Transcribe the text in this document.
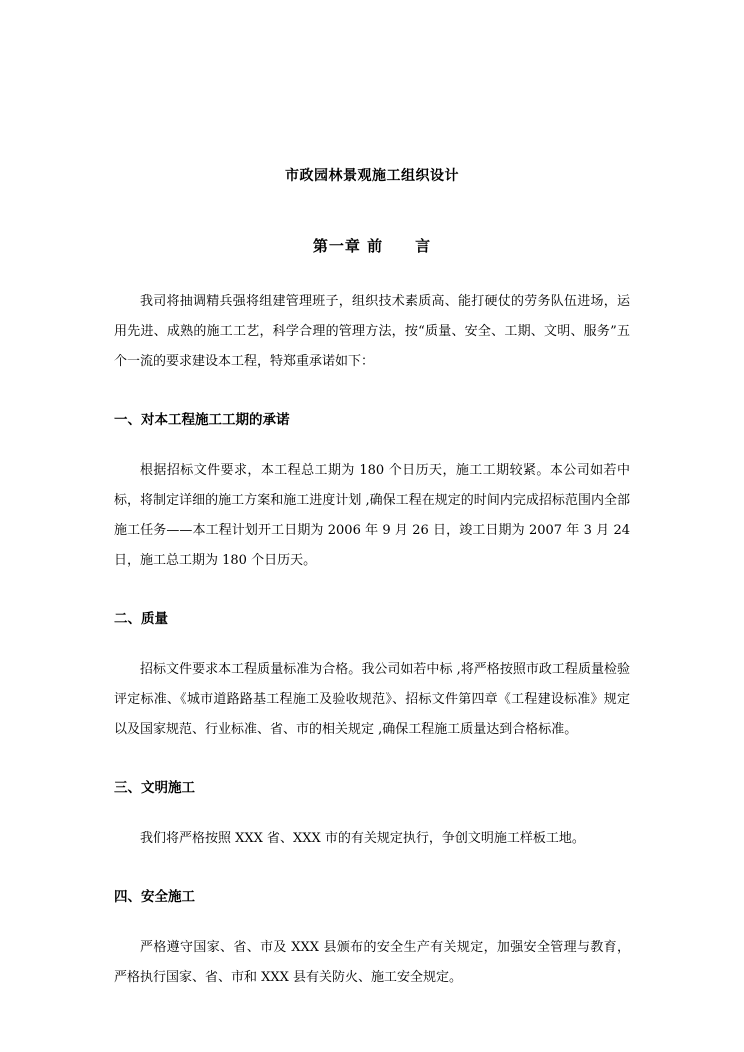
市政园林景观施工组织设计
第一章 前　　言

我司将抽调精兵强将组建管理班子，组织技术素质高、能打硬仗的劳务队伍进场，运用先进、成熟的施工工艺，科学合理的管理方法，按“质量、安全、工期、文明、服务”五个一流的要求建设本工程，特郑重承诺如下：

一、对本工程施工工期的承诺

根据招标文件要求，本工程总工期为 180 个日历天，施工工期较紧。本公司如若中标，将制定详细的施工方案和施工进度计划 ,确保工程在规定的时间内完成招标范围内全部施工任务——本工程计划开工日期为 2006 年 9 月 26 日，竣工日期为 2007 年 3 月 24 日，施工总工期为 180 个日历天。

二、质量

招标文件要求本工程质量标准为合格。我公司如若中标 ,将严格按照市政工程质量检验评定标准、《城市道路路基工程施工及验收规范》、招标文件第四章《工程建设标准》规定以及国家规范、行业标准、省、市的相关规定 ,确保工程施工质量达到合格标准。

三、文明施工

我们将严格按照 XXX 省、XXX 市的有关规定执行，争创文明施工样板工地。

四、安全施工

严格遵守国家、省、市及 XXX 县颁布的安全生产有关规定，加强安全管理与教育，严格执行国家、省、市和 XXX 县有关防火、施工安全规定。
